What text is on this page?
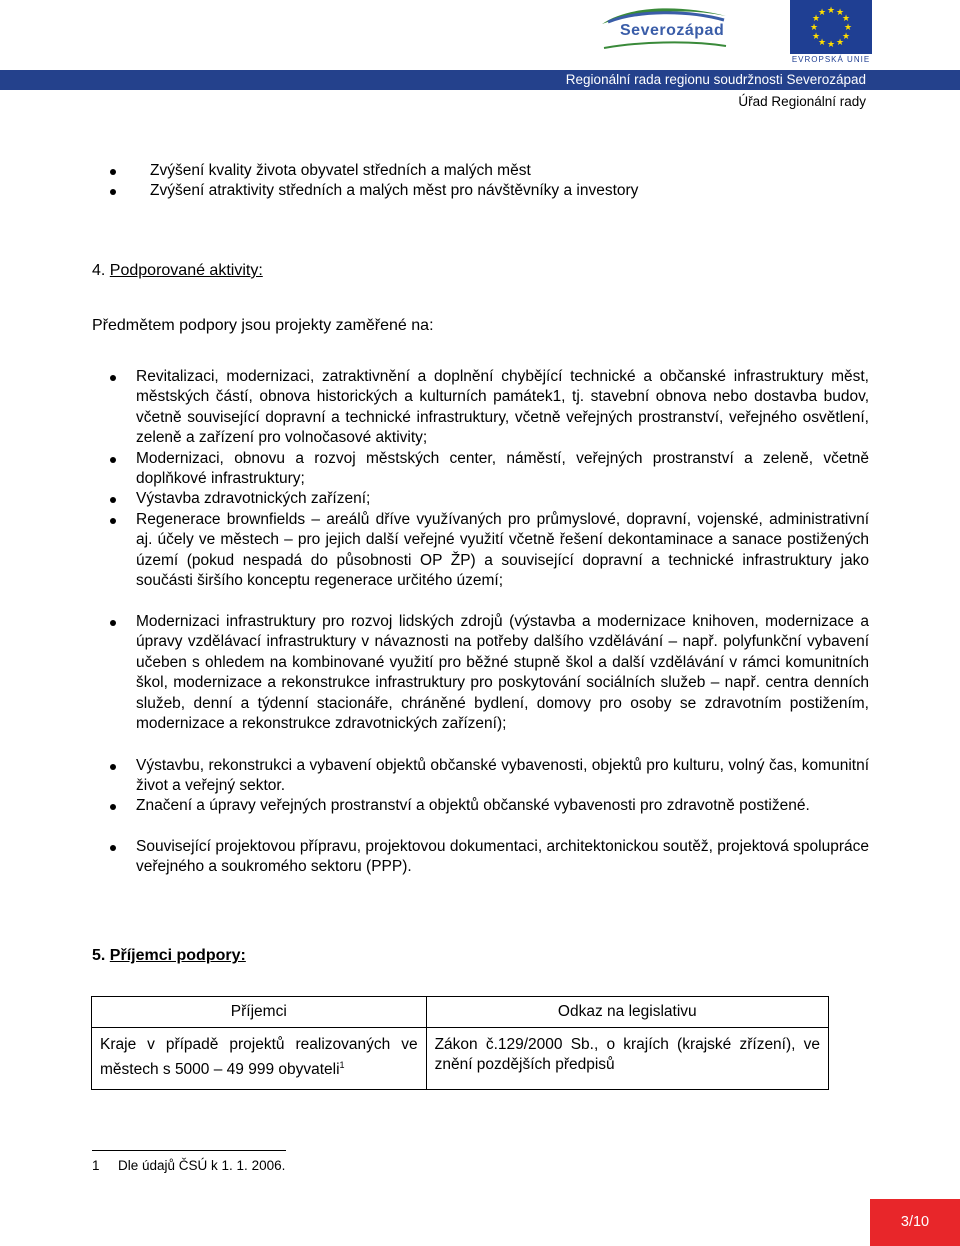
Severozápad
★ ★
★
★
★
★
★
★
★
★
★
★
EVROPSKÁ UNIE
Regionální rada regionu soudržnosti Severozápad
Úřad Regionální rady
Zvýšení kvality života obyvatel středních a malých měst
Zvýšení atraktivity středních a malých měst pro návštěvníky a investory
4. Podporované aktivity:
Předmětem podpory jsou projekty zaměřené na:
Revitalizaci, modernizaci, zatraktivnění a doplnění chybějící technické a občanské infrastruktury měst, městských částí, obnova historických a kulturních památek1, tj. stavební obnova nebo dostavba budov, včetně související dopravní a technické infrastruktury, včetně veřejných prostranství, veřejného osvětlení, zeleně a zařízení pro volnočasové aktivity;
Modernizaci, obnovu a rozvoj městských center, náměstí, veřejných prostranství a zeleně, včetně doplňkové infrastruktury;
Výstavba zdravotnických zařízení;
Regenerace brownfields – areálů dříve využívaných pro průmyslové, dopravní, vojenské, administrativní aj. účely ve městech – pro jejich další veřejné využití včetně řešení dekontaminace a sanace postižených území (pokud nespadá do působnosti OP ŽP) a související dopravní a technické infrastruktury jako součásti širšího konceptu regenerace určitého území;
Modernizaci infrastruktury pro rozvoj lidských zdrojů (výstavba a modernizace knihoven, modernizace a úpravy vzdělávací infrastruktury v návaznosti na potřeby dalšího vzdělávání – např. polyfunkční vybavení učeben s ohledem na kombinované využití pro běžné stupně škol a další vzdělávání v rámci komunitních škol, modernizace a rekonstrukce infrastruktury pro poskytování sociálních služeb – např. centra denních služeb, denní a týdenní stacionáře, chráněné bydlení, domovy pro osoby se zdravotním postižením, modernizace a rekonstrukce zdravotnických zařízení);
Výstavbu, rekonstrukci a vybavení objektů občanské vybavenosti, objektů pro kulturu, volný čas, komunitní život a veřejný sektor.
Značení a úpravy veřejných prostranství a objektů občanské vybavenosti pro zdravotně postižené.
Související projektovou přípravu, projektovou dokumentaci, architektonickou soutěž, projektová spolupráce veřejného a soukromého sektoru (PPP).
5. Příjemci podpory:
Příjemci	Odkaz na legislativu
Kraje v případě projektů realizovaných ve městech s 5000 – 49 999 obyvateli$^1$	Zákon č.129/2000 Sb., o krajích (krajské zřízení), ve znění pozdějších předpisů
1 Dle údajů ČSÚ k 1. 1. 2006.
3/10
